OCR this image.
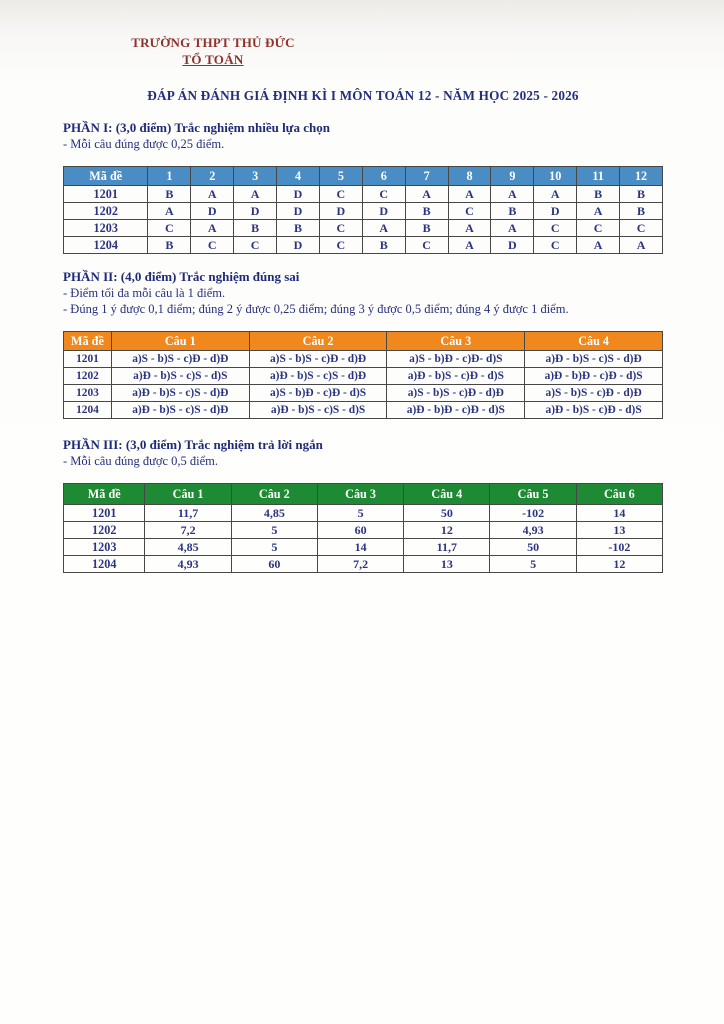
TRƯỜNG THPT THỦ ĐỨC
TỔ TOÁN
ĐÁP ÁN ĐÁNH GIÁ ĐỊNH KÌ I MÔN TOÁN 12 - NĂM HỌC 2025 - 2026
PHẦN I: (3,0 điểm) Trắc nghiệm nhiều lựa chọn
- Mỗi câu đúng được 0,25 điểm.
Mã đề	1	2	3	4	5	6	7	8	9	10	11	12
1201	B	A	A	D	C	C	A	A	A	A	B	B
1202	A	D	D	D	D	D	B	C	B	D	A	B
1203	C	A	B	B	C	A	B	A	A	C	C	C
1204	B	C	C	D	C	B	C	A	D	C	A	A
PHẦN II: (4,0 điểm) Trắc nghiệm đúng sai
- Điểm tối đa mỗi câu là 1 điểm.
- Đúng 1 ý được 0,1 điểm; đúng 2 ý được 0,25 điểm; đúng 3 ý được 0,5 điểm; đúng 4 ý được 1 điểm.
Mã đề	Câu 1	Câu 2	Câu 3	Câu 4
1201	a)S - b)S - c)Đ - d)Đ	a)S - b)S - c)Đ - d)Đ	a)S - b)Đ - c)Đ- d)S	a)Đ - b)S - c)S - d)Đ
1202	a)Đ - b)S - c)S - d)S	a)Đ - b)S - c)S - d)Đ	a)Đ - b)S - c)Đ - d)S	a)Đ - b)Đ - c)Đ - d)S
1203	a)Đ - b)S - c)S - d)Đ	a)S - b)Đ - c)Đ - d)S	a)S - b)S - c)Đ - d)Đ	a)S - b)S - c)Đ - d)Đ
1204	a)Đ - b)S - c)S - d)Đ	a)Đ - b)S - c)S - d)S	a)Đ - b)Đ - c)Đ - d)S	a)Đ - b)S - c)Đ - d)S
PHẦN III: (3,0 điểm) Trắc nghiệm trả lời ngắn
- Mỗi câu đúng được 0,5 điểm.
Mã đề	Câu 1	Câu 2	Câu 3	Câu 4	Câu 5	Câu 6
1201	11,7	4,85	5	50	-102	14
1202	7,2	5	60	12	4,93	13
1203	4,85	5	14	11,7	50	-102
1204	4,93	60	7,2	13	5	12
